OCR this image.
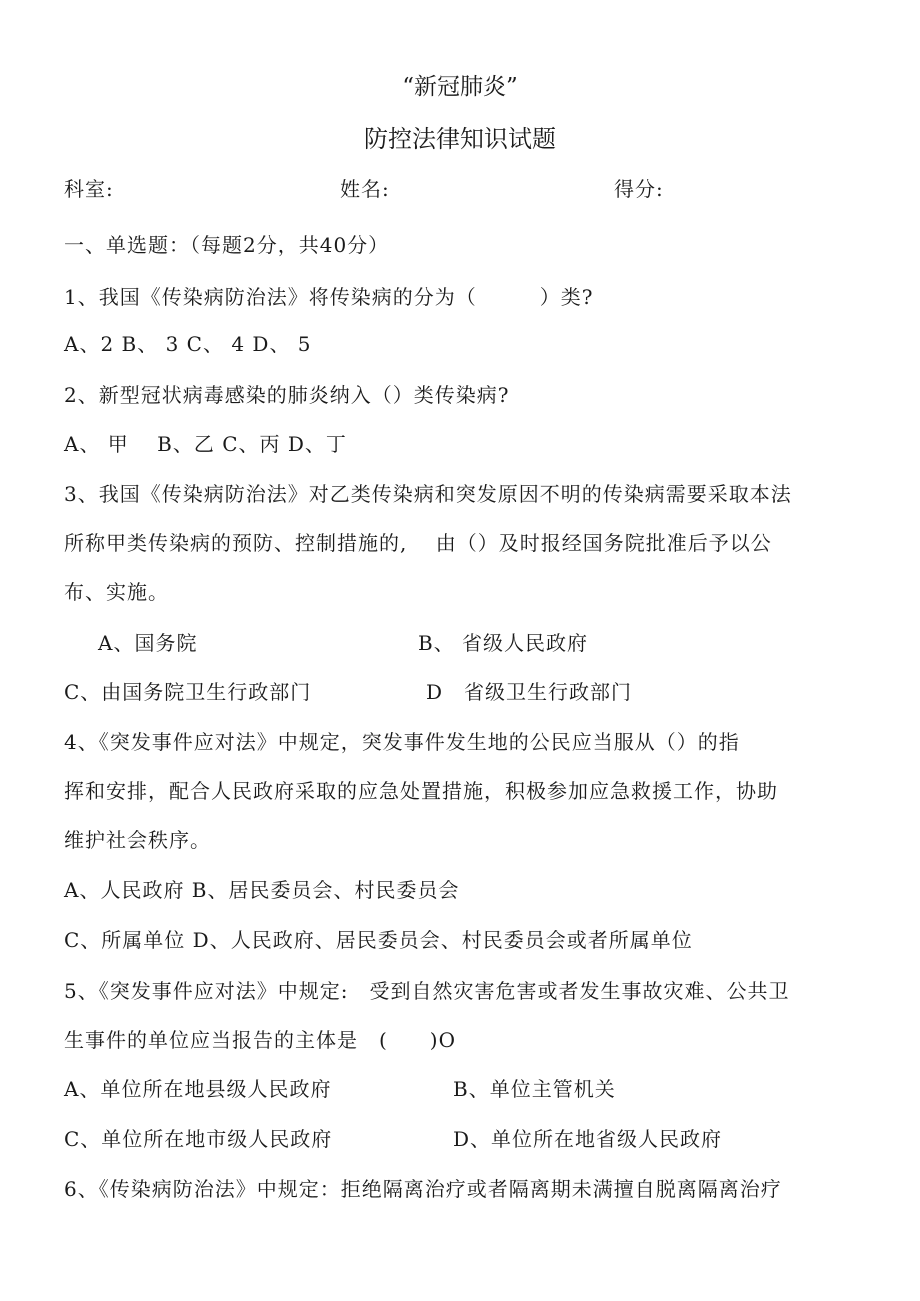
“新冠肺炎”
防控法律知识试题
科室:	姓名:	得分:
一、单选题：（每题2分，共40分）
1、我国《传染病防治法》将传染病的分为（　　　）类?
A、2 B、 3 C、 4 D、 5
2、新型冠状病毒感染的肺炎纳入（）类传染病?
A、 甲　 B、乙 C、丙 D、丁
3、我国《传染病防治法》对乙类传染病和突发原因不明的传染病需要采取本法
所称甲类传染病的预防、控制措施的,　 由（）及时报经国务院批准后予以公
布、实施。
A、国务院	B、 省级人民政府
C、由国务院卫生行政部门	D　省级卫生行政部门
4、《突发事件应对法》中规定，突发事件发生地的公民应当服从（）的指
挥和安排，配合人民政府采取的应急处置措施，积极参加应急救援工作，协助
维护社会秩序。
A、人民政府 B、居民委员会、村民委员会
C、所属单位 D、人民政府、居民委员会、村民委员会或者所属单位
5、《突发事件应对法》中规定:　受到自然灾害危害或者发生事故灾难、公共卫
生事件的单位应当报告的主体是　(　　)O
A、单位所在地县级人民政府	B、单位主管机关
C、单位所在地市级人民政府	D、单位所在地省级人民政府
6、《传染病防治法》中规定：拒绝隔离治疗或者隔离期未满擅自脱离隔离治疗
